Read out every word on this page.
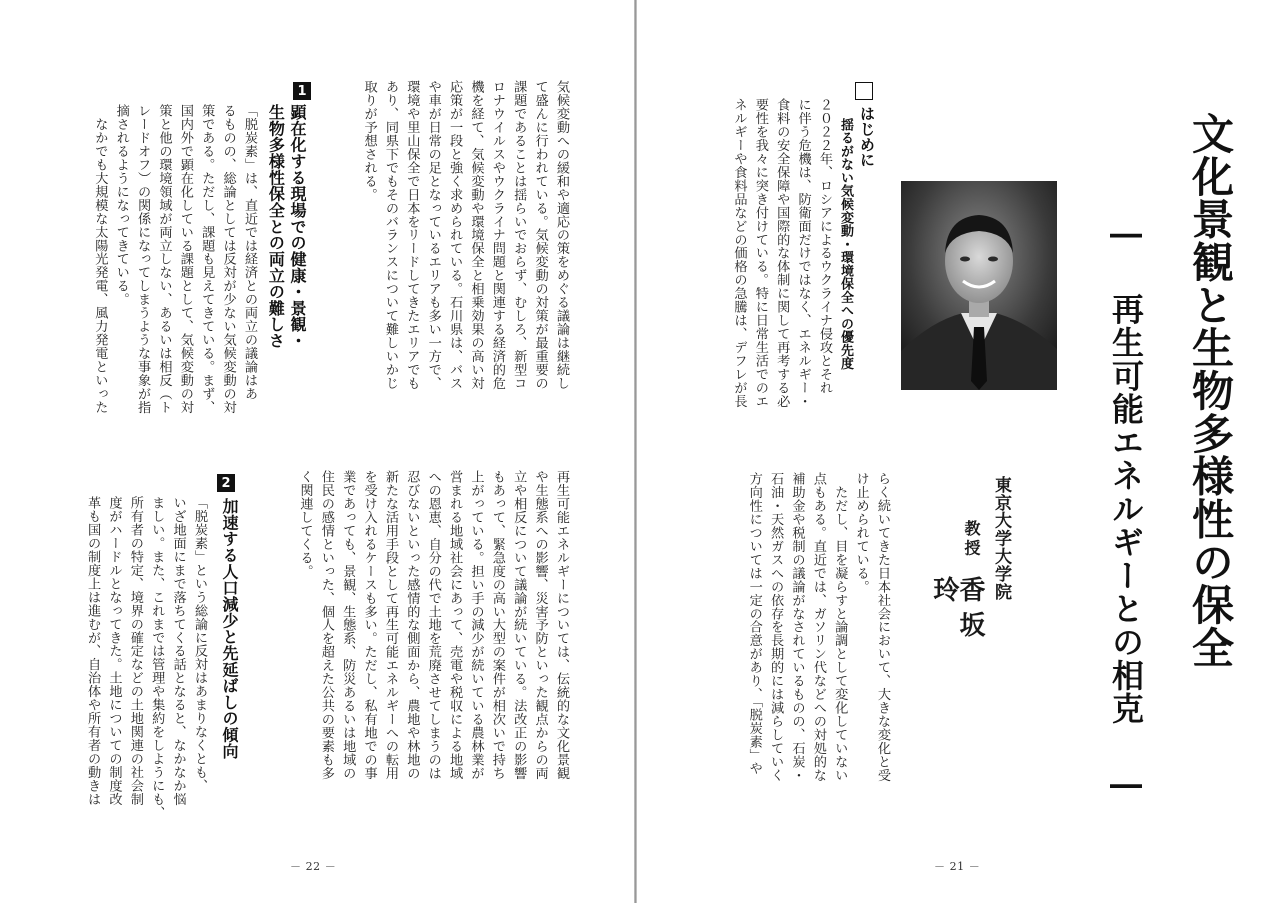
気候変動への緩和や適応の策をめぐる議論は継続し
て盛んに行われている。気候変動の対策が最重要の
課題であることは揺らいでおらず、むしろ、新型コ
ロナウイルスやウクライナ問題と関連する経済的危
機を経て、気候変動や環境保全と相乗効果の高い対
応策が一段と強く求められている。石川県は、バス
や車が日常の足となっているエリアも多い一方で、
環境や里山保全で日本をリードしてきたエリアでも
あり、同県下でもそのバランスについて難しいかじ
取りが予想される。
1
顕在化する現場での健康・景観・
生物多様性保全との両立の難しさ
「脱炭素」は、直近では経済との両立の議論はあ
るものの、総論としては反対が少ない気候変動の対
策である。ただし、課題も見えてきている。まず、
国内外で顕在化している課題として、気候変動の対
策と他の環境領域が両立しない、あるいは相反（ト
レードオフ）の関係になってしまうような事象が指
摘されるようになってきている。
　なかでも大規模な太陽光発電、風力発電といった
再生可能エネルギーについては、伝統的な文化景観
や生態系への影響、災害予防といった観点からの両
立や相反について議論が続いている。法改正の影響
もあって、緊急度の高い大型の案件が相次いで持ち
上がっている。担い手の減少が続いている農林業が
営まれる地域社会にあって、売電や税収による地域
への恩恵、自分の代で土地を荒廃させてしまうのは
忍びないといった感情的な側面から、農地や林地の
新たな活用手段として再生可能エネルギーへの転用
を受け入れるケースも多い。ただし、私有地での事
業であっても、景観、生態系、防災あるいは地域の
住民の感情といった、個人を超えた公共の要素も多
く関連してくる。
2
加速する人口減少と先延ばしの傾向
「脱炭素」という総論に反対はあまりなくとも、
いざ地面にまで落ちてくる話となると、なかなか悩
ましい。また、これまでは管理や集約をしようにも、
所有者の特定、境界の確定などの土地関連の社会制
度がハードルとなってきた。土地についての制度改
革も国の制度上は進むが、自治体や所有者の動きは
－ 22 －
文化景観と生物多様性の保全
― 再生可能エネルギーとの相克 ―
東京大学大学院
教授
香坂 玲
はじめに
揺るがない気候変動・環境保全への優先度
２０２２年、ロシアによるウクライナ侵攻とそれ
に伴う危機は、防衛面だけではなく、エネルギー・
食料の安全保障や国際的な体制に関して再考する必
要性を我々に突き付けている。特に日常生活でのエ
ネルギーや食料品などの価格の急騰は、デフレが長
らく続いてきた日本社会において、大きな変化と受
け止められている。
　ただし、目を凝らすと論調として変化していない
点もある。直近では、ガソリン代などへの対処的な
補助金や税制の議論がなされているものの、石炭・
石油・天然ガスへの依存を長期的には減らしていく
方向性については一定の合意があり、「脱炭素」や
－ 21 －
